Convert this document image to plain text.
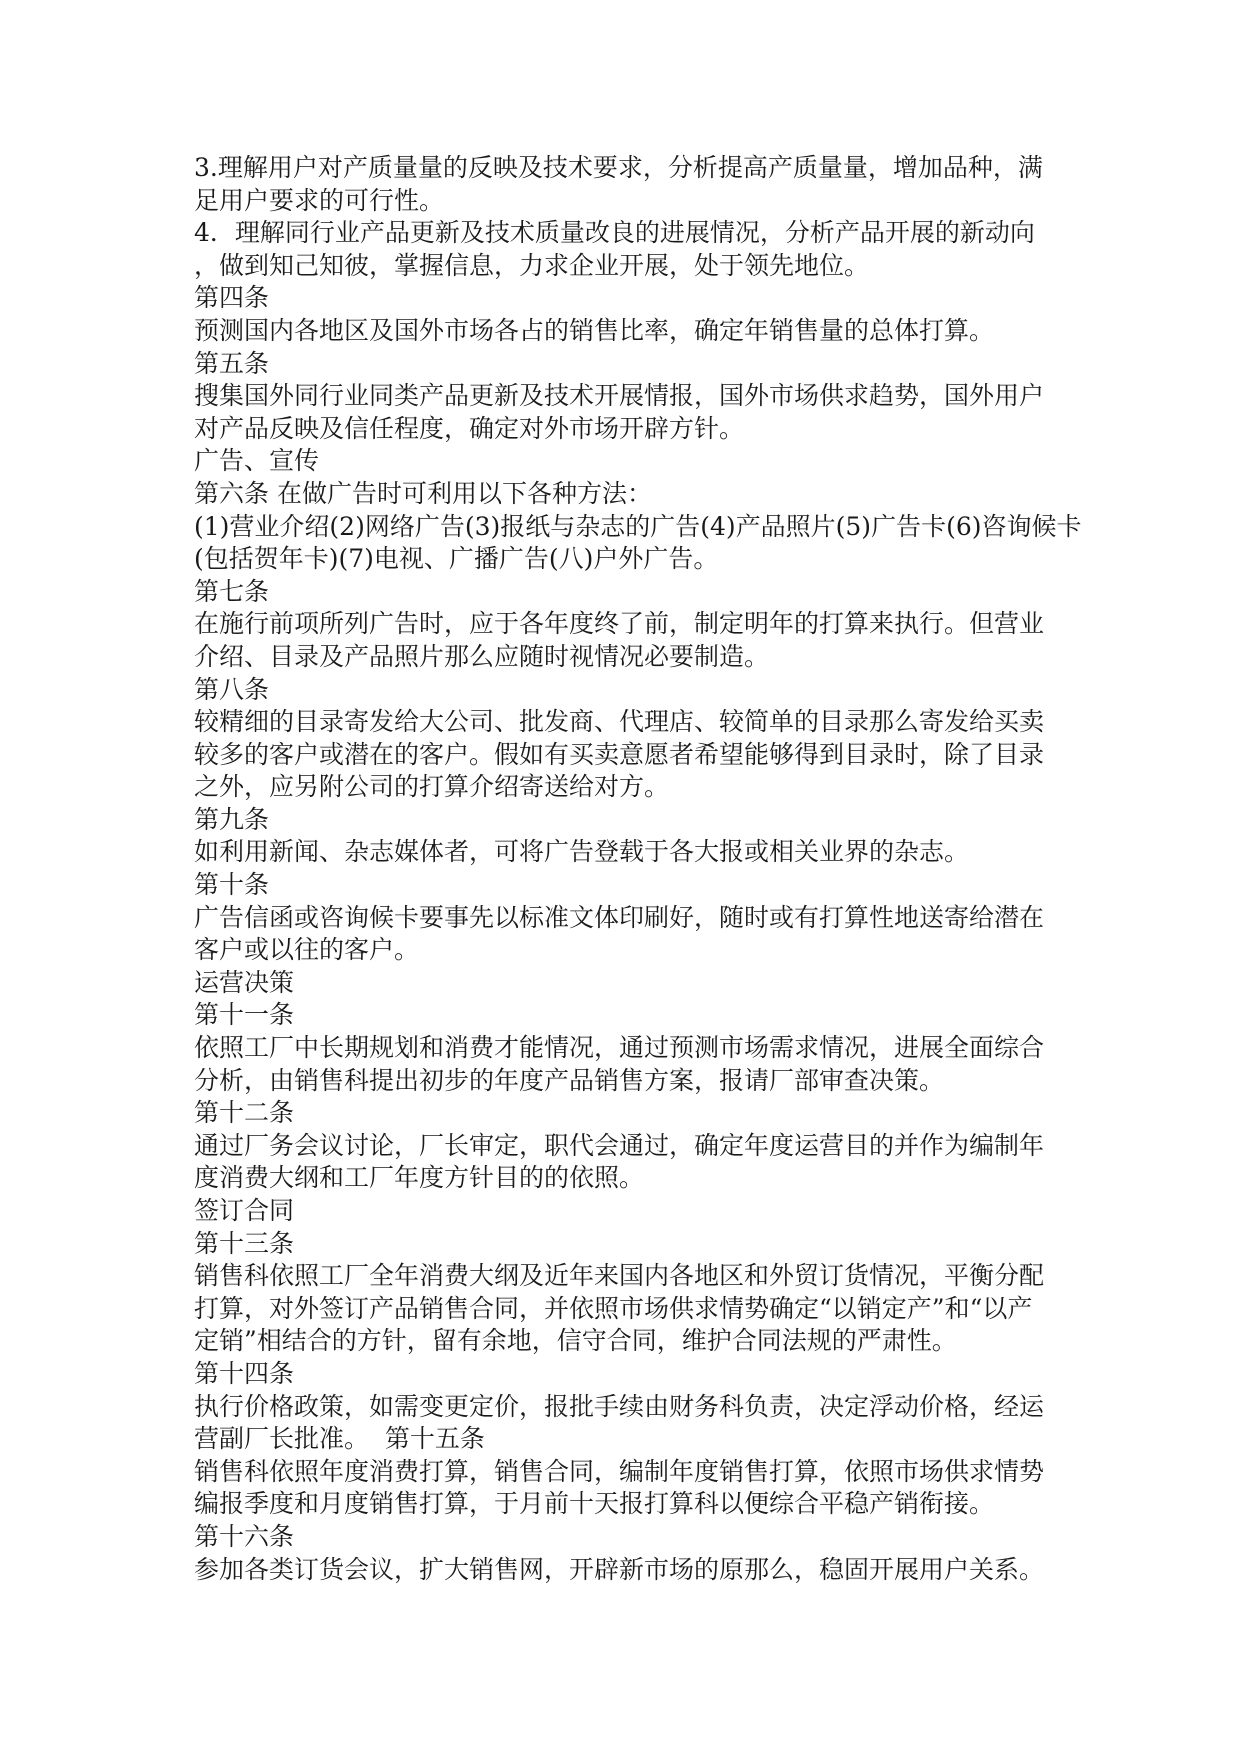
3.理解用户对产质量量的反映及技术要求，分析提高产质量量，增加品种，满

足用户要求的可行性。

4．理解同行业产品更新及技术质量改良的进展情况，分析产品开展的新动向

，做到知己知彼，掌握信息，力求企业开展，处于领先地位。

第四条

预测国内各地区及国外市场各占的销售比率，确定年销售量的总体打算。

第五条

搜集国外同行业同类产品更新及技术开展情报，国外市场供求趋势，国外用户

对产品反映及信任程度，确定对外市场开辟方针。

广告、宣传

第六条 在做广告时可利用以下各种方法：

(1)营业介绍(2)网络广告(3)报纸与杂志的广告(4)产品照片(5)广告卡(6)咨询候卡

(包括贺年卡)(7)电视、广播广告(八)户外广告。

第七条

在施行前项所列广告时，应于各年度终了前，制定明年的打算来执行。但营业

介绍、目录及产品照片那么应随时视情况必要制造。

第八条

较精细的目录寄发给大公司、批发商、代理店、较简单的目录那么寄发给买卖

较多的客户或潜在的客户。假如有买卖意愿者希望能够得到目录时，除了目录

之外，应另附公司的打算介绍寄送给对方。

第九条

如利用新闻、杂志媒体者，可将广告登载于各大报或相关业界的杂志。

第十条

广告信函或咨询候卡要事先以标准文体印刷好，随时或有打算性地送寄给潜在

客户或以往的客户。

运营决策

第十一条

依照工厂中长期规划和消费才能情况，通过预测市场需求情况，进展全面综合

分析，由销售科提出初步的年度产品销售方案，报请厂部审查决策。

第十二条

通过厂务会议讨论，厂长审定，职代会通过，确定年度运营目的并作为编制年

度消费大纲和工厂年度方针目的的依照。

签订合同

第十三条

销售科依照工厂全年消费大纲及近年来国内各地区和外贸订货情况，平衡分配

打算，对外签订产品销售合同，并依照市场供求情势确定“以销定产”和“以产

定销”相结合的方针，留有余地，信守合同，维护合同法规的严肃性。

第十四条

执行价格政策，如需变更定价，报批手续由财务科负责，决定浮动价格，经运

营副厂长批准。  第十五条

销售科依照年度消费打算，销售合同，编制年度销售打算，依照市场供求情势

编报季度和月度销售打算，于月前十天报打算科以便综合平稳产销衔接。

第十六条

参加各类订货会议，扩大销售网，开辟新市场的原那么，稳固开展用户关系。
